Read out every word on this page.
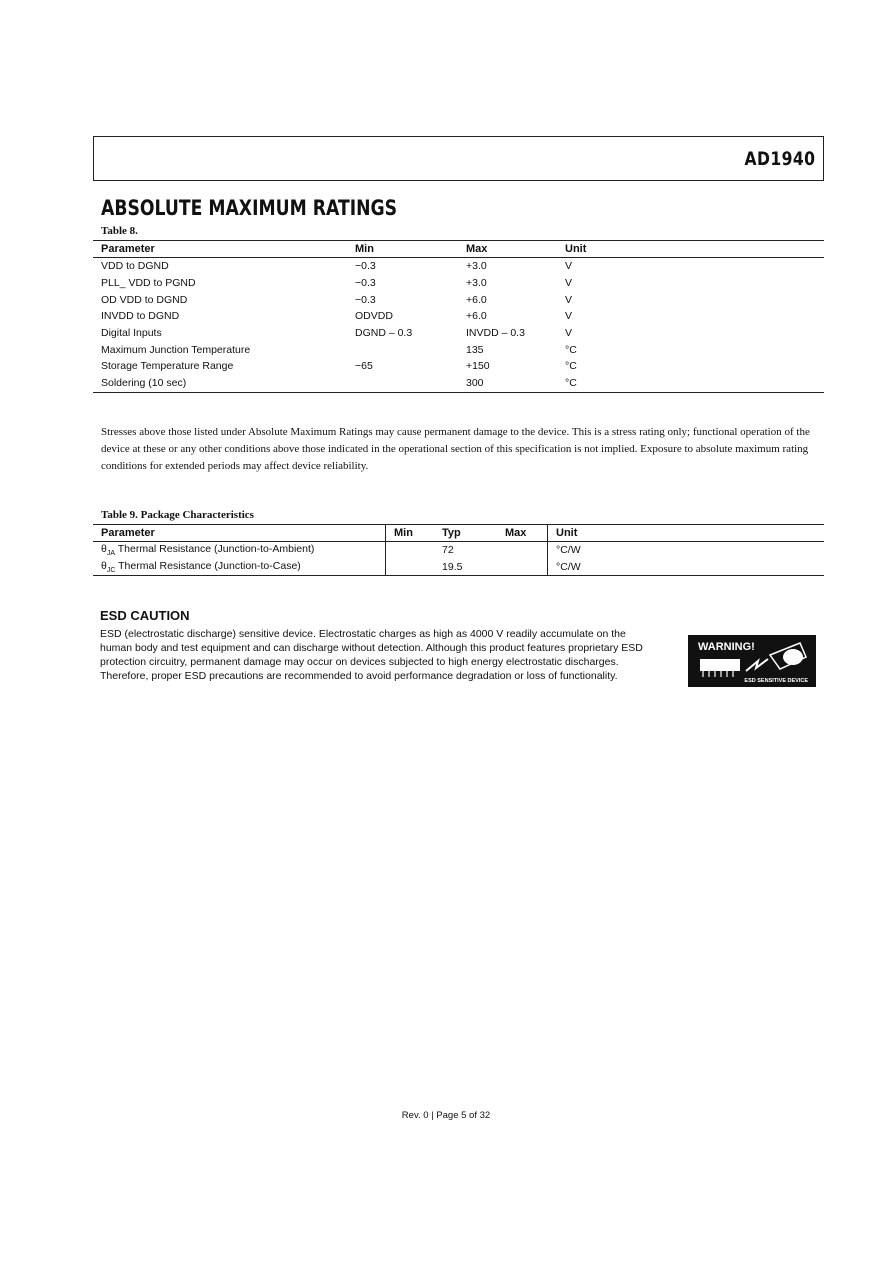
AD1940
ABSOLUTE MAXIMUM RATINGS
Table 8.
Parameter	Min	Max	Unit
VDD to DGND	−0.3	+3.0	V
PLL_ VDD to PGND	−0.3	+3.0	V
OD VDD to DGND	−0.3	+6.0	V
INVDD to DGND	ODVDD	+6.0	V
Digital Inputs	DGND – 0.3	INVDD – 0.3	V
Maximum Junction Temperature		135	°C
Storage Temperature Range	−65	+150	°C
Soldering (10 sec)		300	°C
Stresses above those listed under Absolute Maximum Ratings may cause permanent damage to the device. This is a stress rating only; functional operation of the device at these or any other conditions above those indicated in the operational section of this specification is not implied. Exposure to absolute maximum rating conditions for extended periods may affect device reliability.
Table 9. Package Characteristics
Parameter	Min	Typ	Max	Unit
$\theta_{JA}$ Thermal Resistance (Junction-to-Ambient)		72		°C/W
$\theta_{JC}$ Thermal Resistance (Junction-to-Case)		19.5		°C/W
ESD CAUTION
ESD (electrostatic discharge) sensitive device. Electrostatic charges as high as 4000 V readily accumulate on the human body and test equipment and can discharge without detection. Although this product features proprietary ESD protection circuitry, permanent damage may occur on devices subjected to high energy electrostatic discharges. Therefore, proper ESD precautions are recommended to avoid performance degradation or loss of functionality.
WARNING!
ESD SENSITIVE DEVICE
Rev. 0 | Page 5 of 32
